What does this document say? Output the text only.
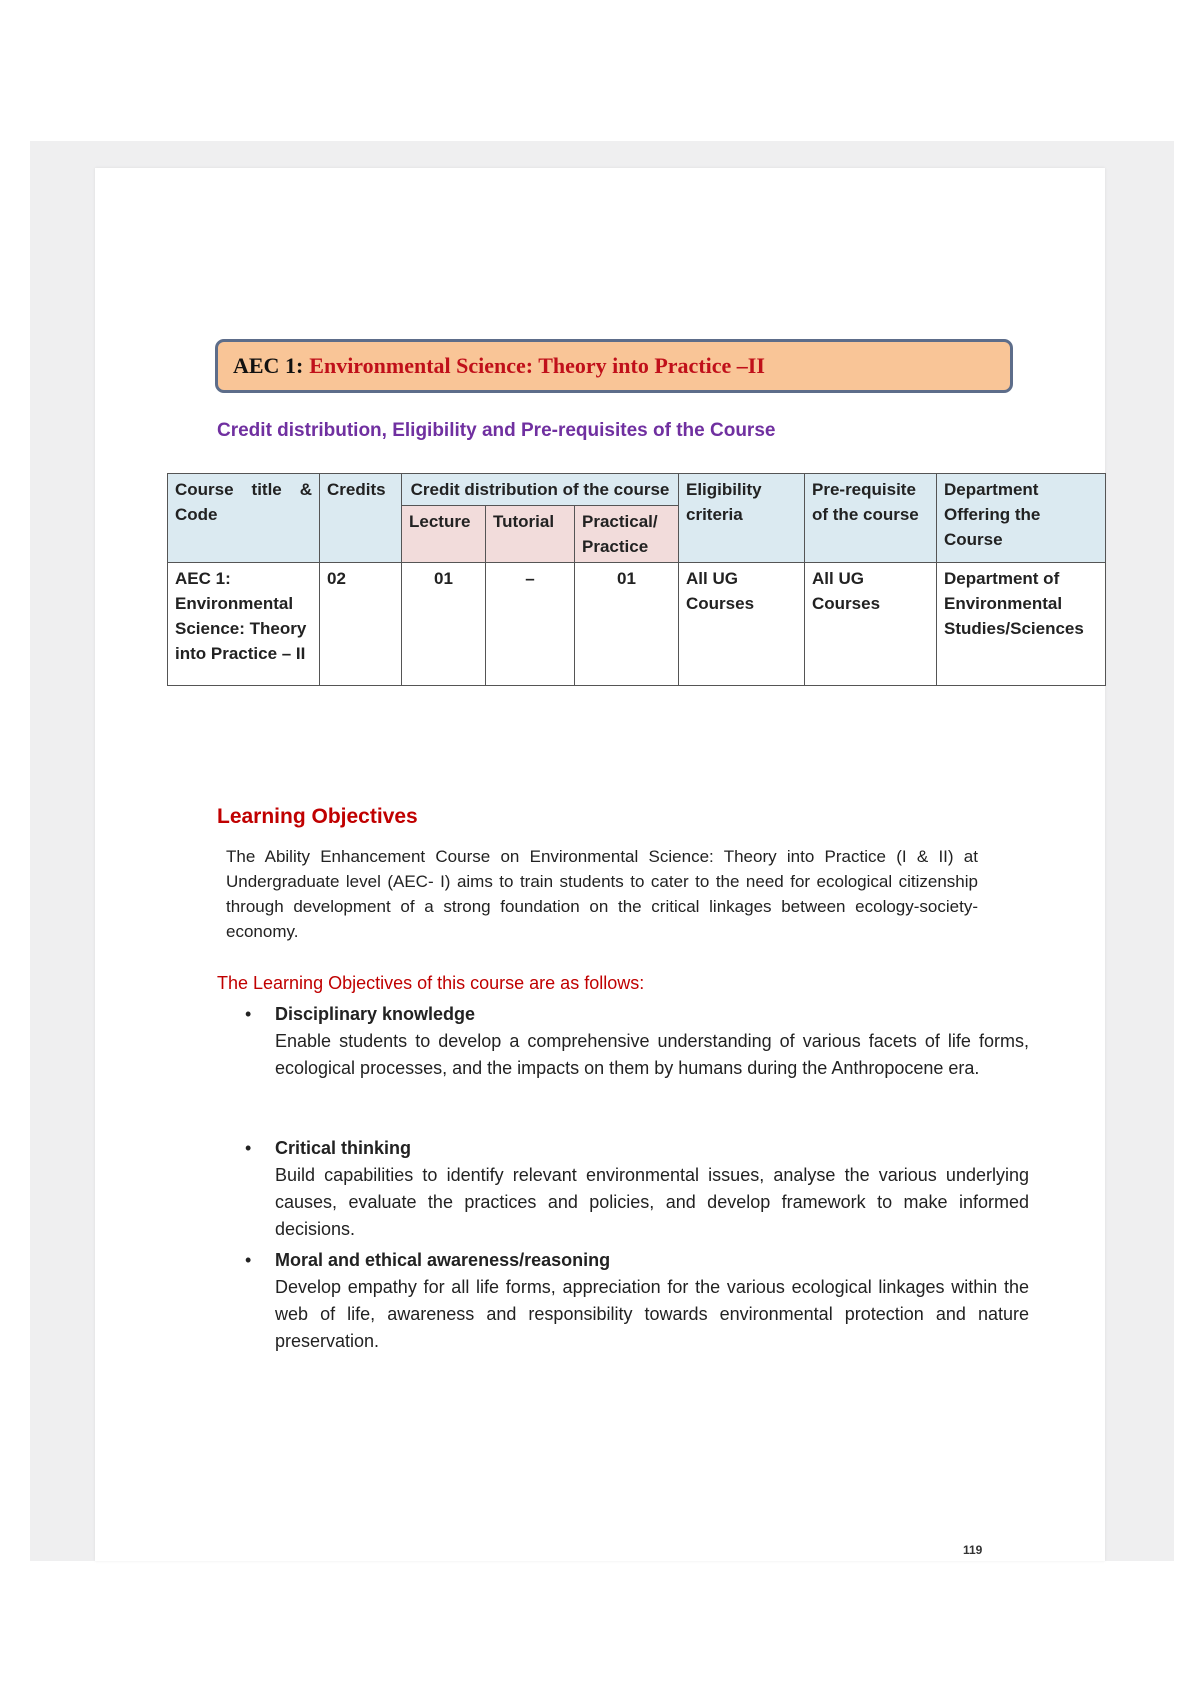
AEC 1: Environmental Science: Theory into Practice –II
Credit distribution, Eligibility and Pre-requisites of the Course
Course title & Code	Credits	Credit distribution of the course			Eligibility criteria	Pre-requisite of the course	Department Offering the Course
		Lecture	Tutorial	Practical/ Practice			
AEC 1: Environmental Science: Theory into Practice – II	02	01	–	01	All UG Courses	All UG Courses	Department of Environmental Studies/Sciences
Learning Objectives
The Ability Enhancement Course on Environmental Science: Theory into Practice (I & II) at Undergraduate level (AEC- I) aims to train students to cater to the need for ecological citizenship through development of a strong foundation on the critical linkages between ecology-society-economy.
The Learning Objectives of this course are as follows:
• Disciplinary knowledge
Enable students to develop a comprehensive understanding of various facets of life forms, ecological processes, and the impacts on them by humans during the Anthropocene era.
• Critical thinking
Build capabilities to identify relevant environmental issues, analyse the various underlying causes, evaluate the practices and policies, and develop framework to make informed decisions.
• Moral and ethical awareness/reasoning
Develop empathy for all life forms, appreciation for the various ecological linkages within the web of life, awareness and responsibility towards environmental protection and nature preservation.
119
